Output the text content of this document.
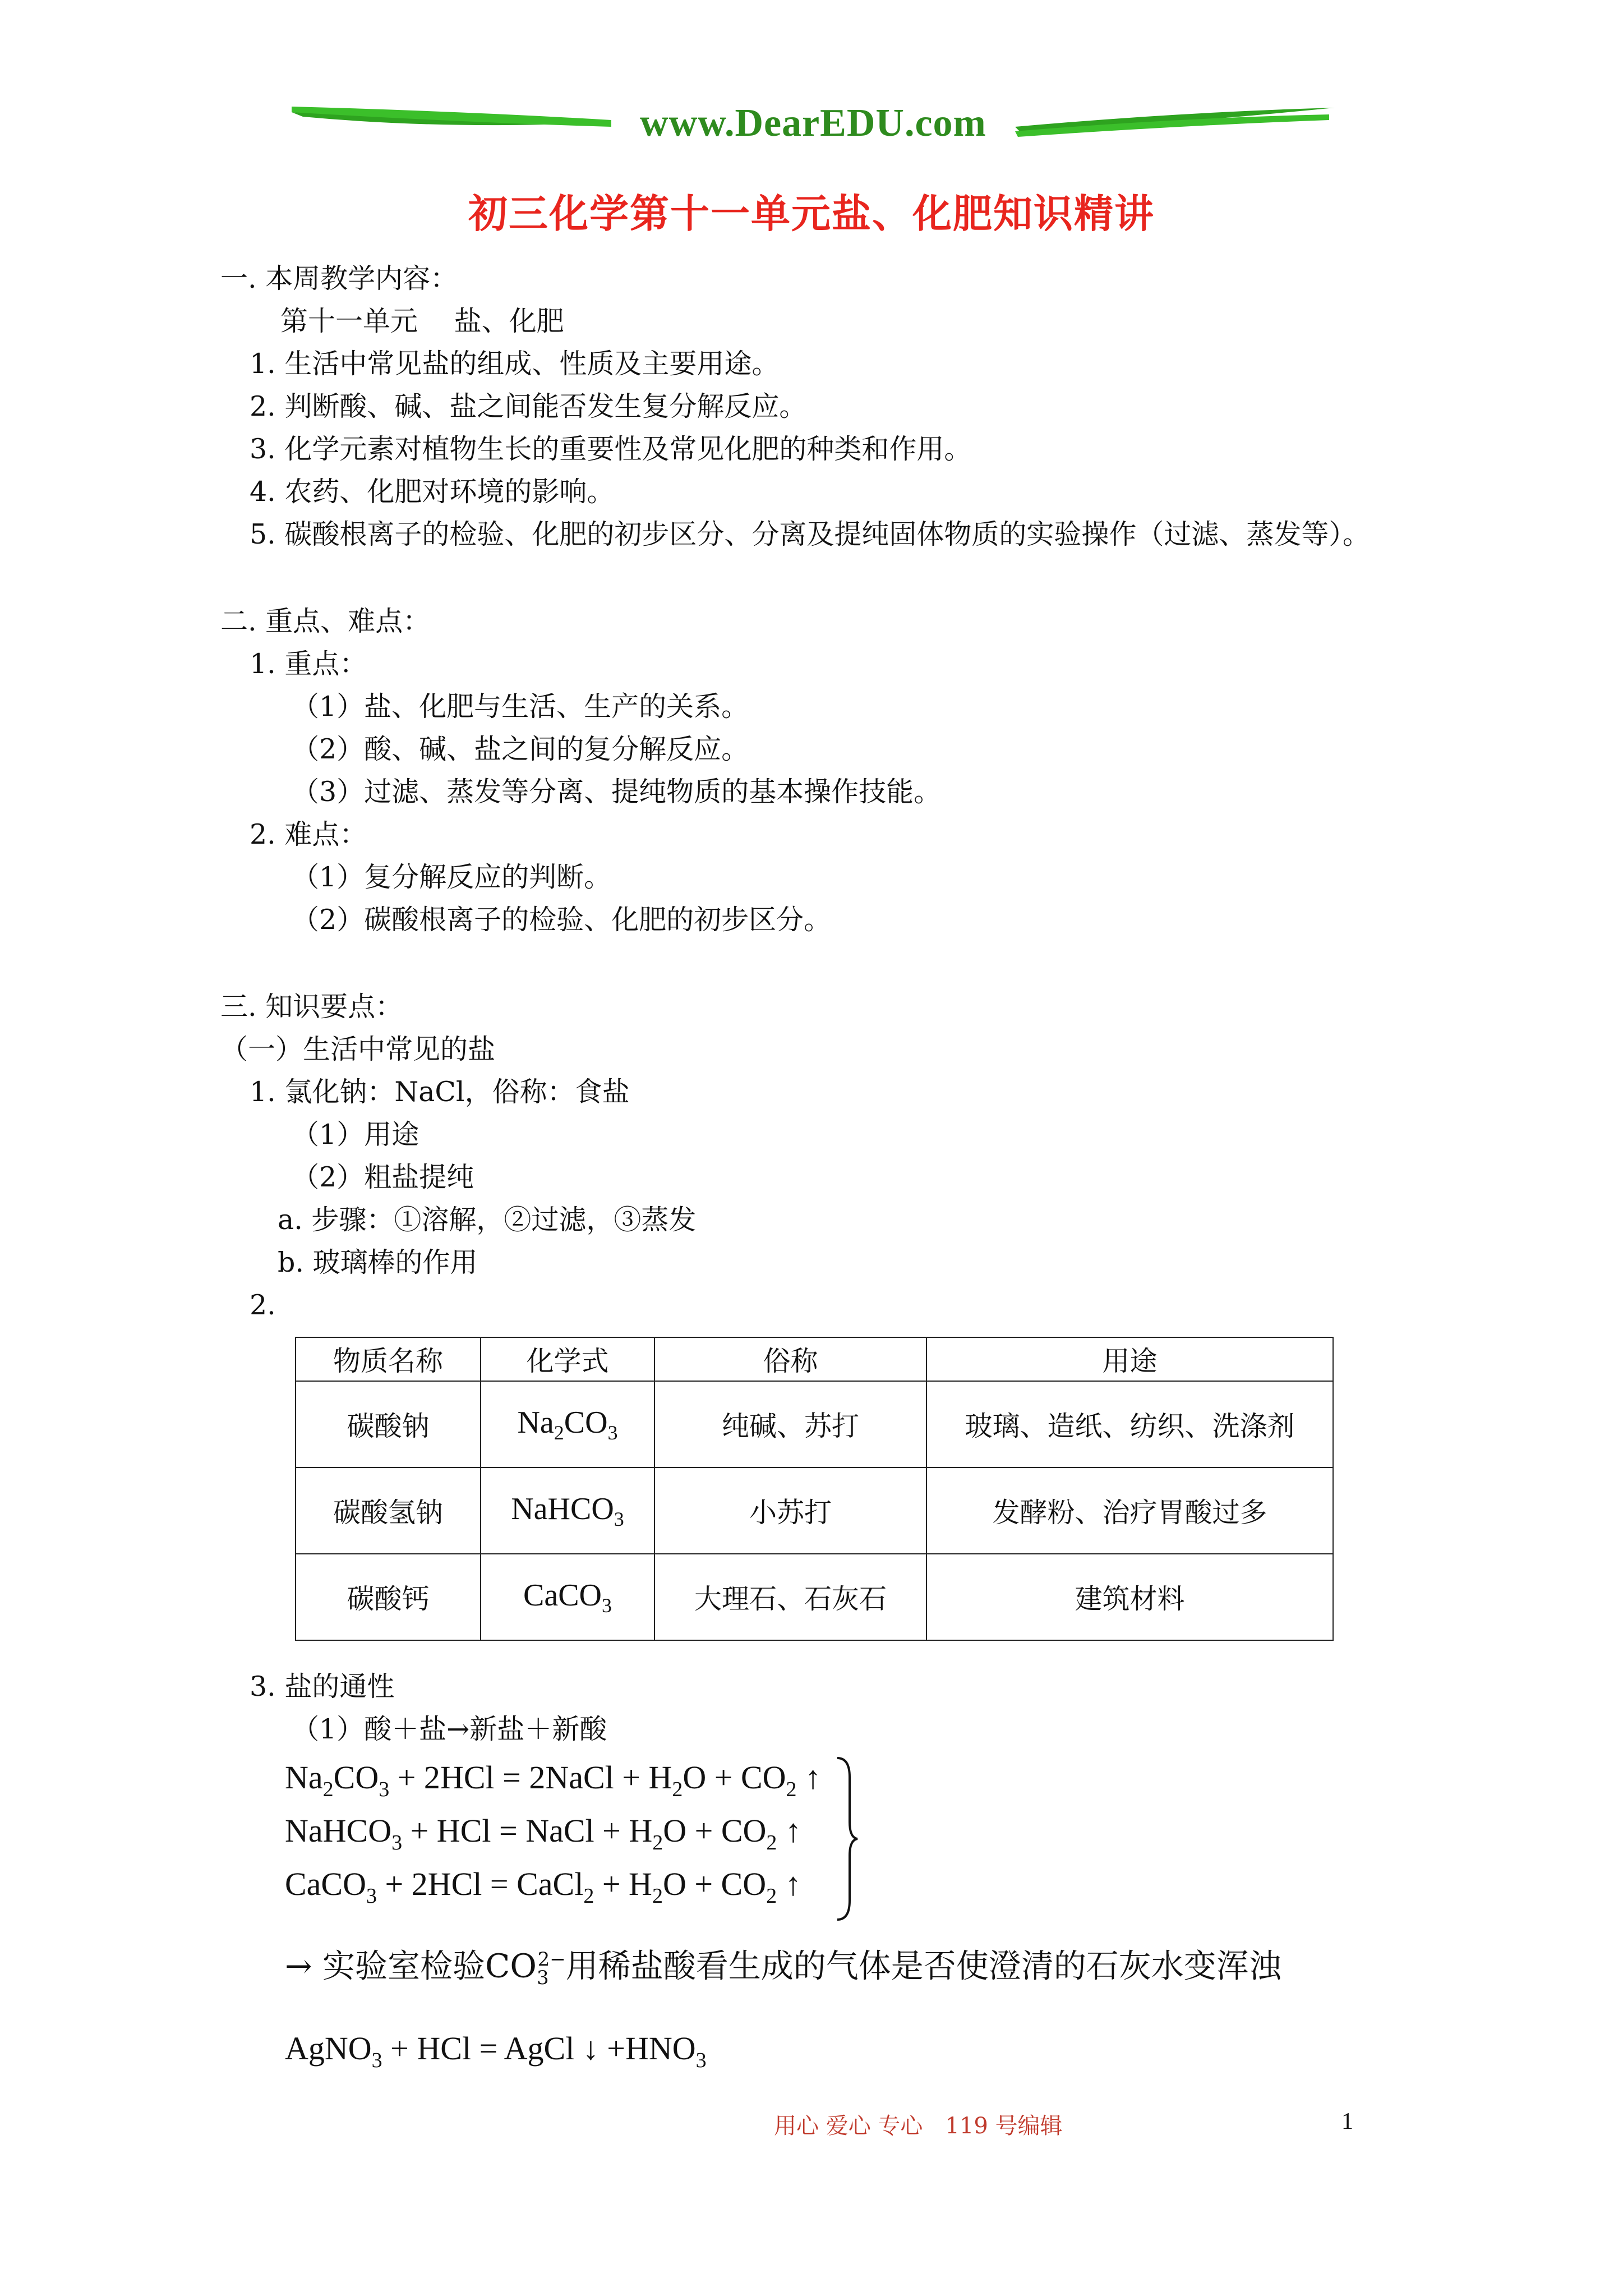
www.DearEDU.com
初三化学第十一单元盐、化肥知识精讲
一. 本周教学内容：
第十一单元　 盐、化肥
1. 生活中常见盐的组成、性质及主要用途。
2. 判断酸、碱、盐之间能否发生复分解反应。
3. 化学元素对植物生长的重要性及常见化肥的种类和作用。
4. 农药、化肥对环境的影响。
5. 碳酸根离子的检验、化肥的初步区分、分离及提纯固体物质的实验操作（过滤、蒸发等）。
二. 重点、难点：
1. 重点：
（1）盐、化肥与生活、生产的关系。
（2）酸、碱、盐之间的复分解反应。
（3）过滤、蒸发等分离、提纯物质的基本操作技能。
2. 难点：
（1）复分解反应的判断。
（2）碳酸根离子的检验、化肥的初步区分。
三. 知识要点：
（一）生活中常见的盐
1. 氯化钠：NaCl，俗称：食盐
（1）用途
（2）粗盐提纯
a. 步骤：①溶解，②过滤，③蒸发
b. 玻璃棒的作用
2.
物质名称	化学式	俗称	用途
碳酸钠	$Na_2CO_3$	纯碱、苏打	玻璃、造纸、纺织、洗涤剂
碳酸氢钠	NaHCO$_3$	小苏打	发酵粉、治疗胃酸过多
碳酸钙	CaCO$_3$	大理石、石灰石	建筑材料
3. 盐的通性
（1）酸＋盐→新盐＋新酸
$Na_2CO_3 + 2HCl$ = 2NaCl + $H_2O + CO_2$ ↑
NaHCO$_3$ + HCl = NaCl + $H_2O + CO_2$ ↑
CaCO$_3$ + 2HCl = CaCl$_2$ + $H_2O + CO_2$ ↑
→ 实验室检验$CO_3^{2-}$用稀盐酸看生成的气体是否使澄清的石灰水变浑浊
AgNO$_3$ + HCl = AgCl ↓ $+HNO_3$
用心 爱心 专心　119 号编辑	1
